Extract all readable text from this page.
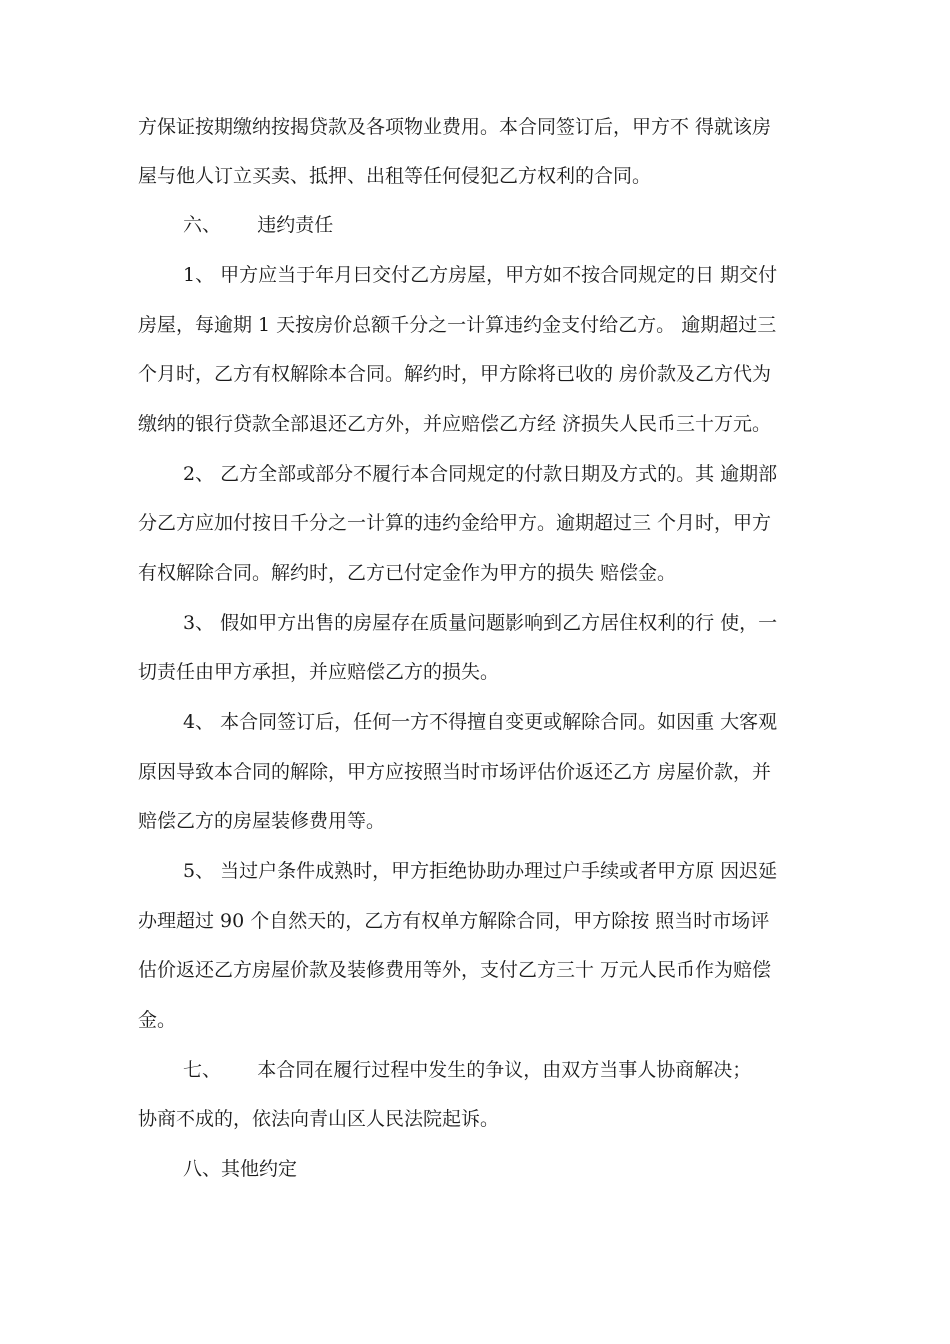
方保证按期缴纳按揭贷款及各项物业费用。本合同签订后，甲方不 得就该房
屋与他人订立买卖、抵押、出租等任何侵犯乙方权利的合同。
六、      违约责任
1、 甲方应当于年月曰交付乙方房屋，甲方如不按合同规定的日 期交付
房屋，每逾期 1 天按房价总额千分之一计算违约金支付给乙方。 逾期超过三
个月时，乙方有权解除本合同。解约时，甲方除将已收的 房价款及乙方代为
缴纳的银行贷款全部退还乙方外，并应赔偿乙方经 济损失人民币三十万元。
2、 乙方全部或部分不履行本合同规定的付款日期及方式的。其 逾期部
分乙方应加付按日千分之一计算的违约金给甲方。逾期超过三 个月时，甲方
有权解除合同。解约时，乙方已付定金作为甲方的损失 赔偿金。
3、 假如甲方出售的房屋存在质量问题影响到乙方居住权利的行 使，一
切责任由甲方承担，并应赔偿乙方的损失。
4、 本合同签订后，任何一方不得擅自变更或解除合同。如因重 大客观
原因导致本合同的解除，甲方应按照当时市场评估价返还乙方 房屋价款，并
赔偿乙方的房屋装修费用等。
5、 当过户条件成熟时，甲方拒绝协助办理过户手续或者甲方原 因迟延
办理超过 90 个自然天的，乙方有权单方解除合同，甲方除按 照当时市场评
估价返还乙方房屋价款及装修费用等外，支付乙方三十 万元人民币作为赔偿
金。
七、      本合同在履行过程中发生的争议，由双方当事人协商解决；
协商不成的，依法向青山区人民法院起诉。
八、其他约定
